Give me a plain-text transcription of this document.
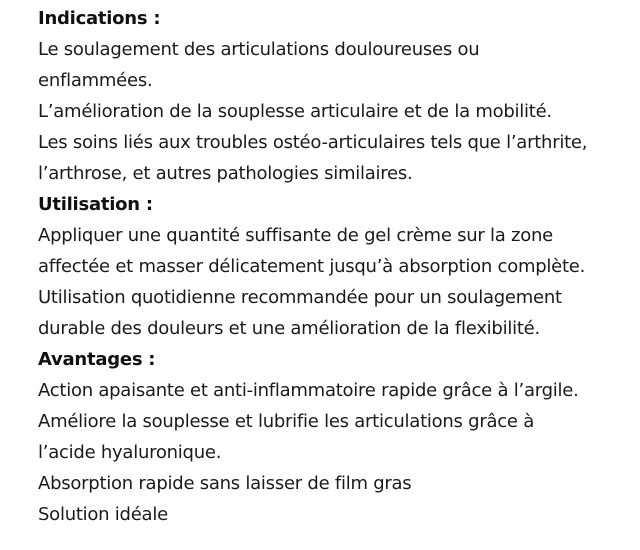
Indications :

Le soulagement des articulations douloureuses ou enflammées.

L’amélioration de la souplesse articulaire et de la mobilité.

Les soins liés aux troubles ostéo-articulaires tels que l’arthrite, l’arthrose, et autres pathologies similaires.

Utilisation :

Appliquer une quantité suffisante de gel crème sur la zone affectée et masser délicatement jusqu’à absorption complète.

Utilisation quotidienne recommandée pour un soulagement durable des douleurs et une amélioration de la flexibilité.

Avantages :

Action apaisante et anti-inflammatoire rapide grâce à l’argile.

Améliore la souplesse et lubrifie les articulations grâce à l’acide hyaluronique.

Absorption rapide sans laisser de film gras

Solution idéale
